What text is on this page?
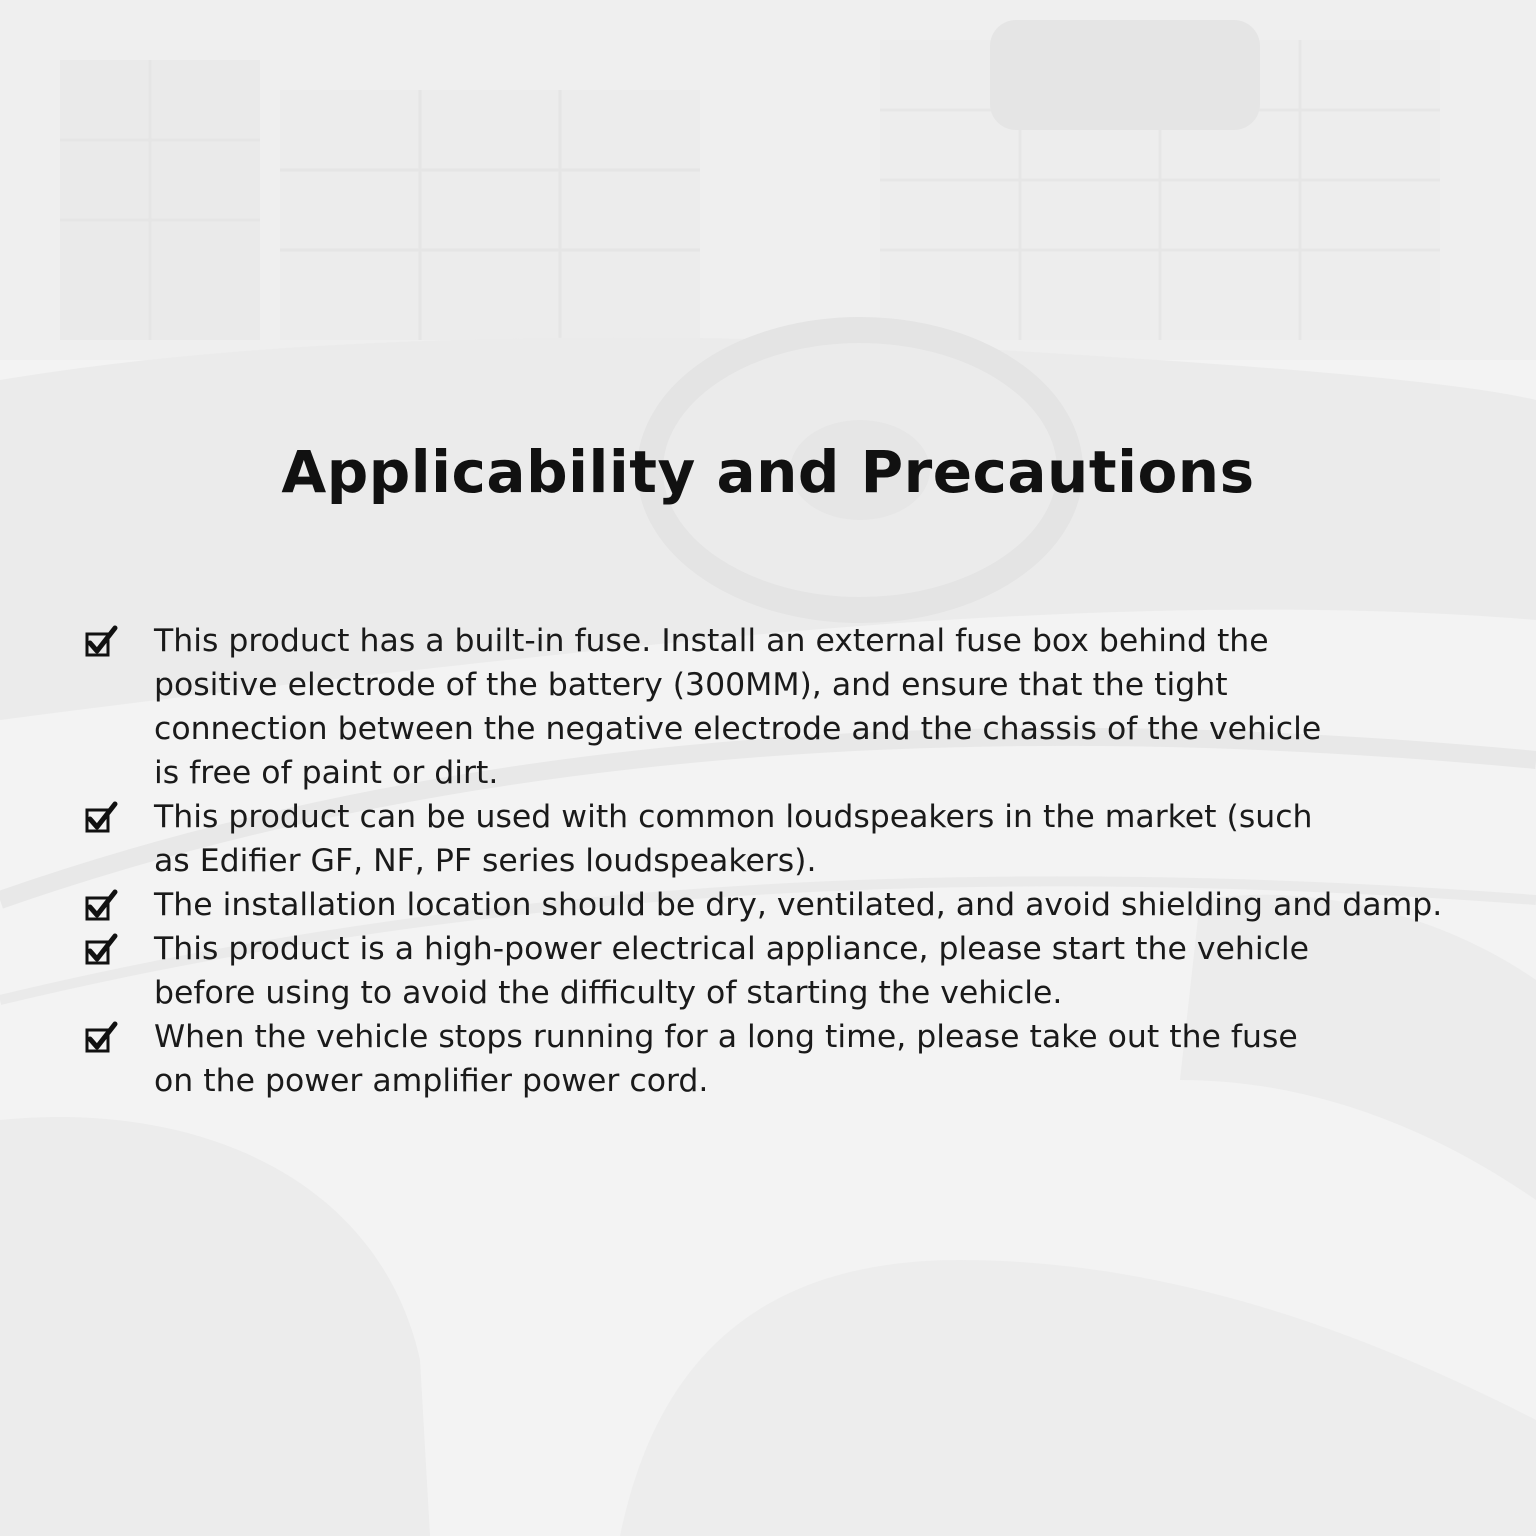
Applicability and Precautions
This product has a built-in fuse. Install an external fuse box behind the
positive electrode of the battery (300MM), and ensure that the tight
connection between the negative electrode and the chassis of the vehicle
is free of paint or dirt.
This product can be used with common loudspeakers in the market (such
as Edifier GF, NF, PF series loudspeakers).
The installation location should be dry, ventilated, and avoid shielding and damp.
This product is a high-power electrical appliance, please start the vehicle
before using to avoid the difficulty of starting the vehicle.
When the vehicle stops running for a long time, please take out the fuse
on the power amplifier power cord.
